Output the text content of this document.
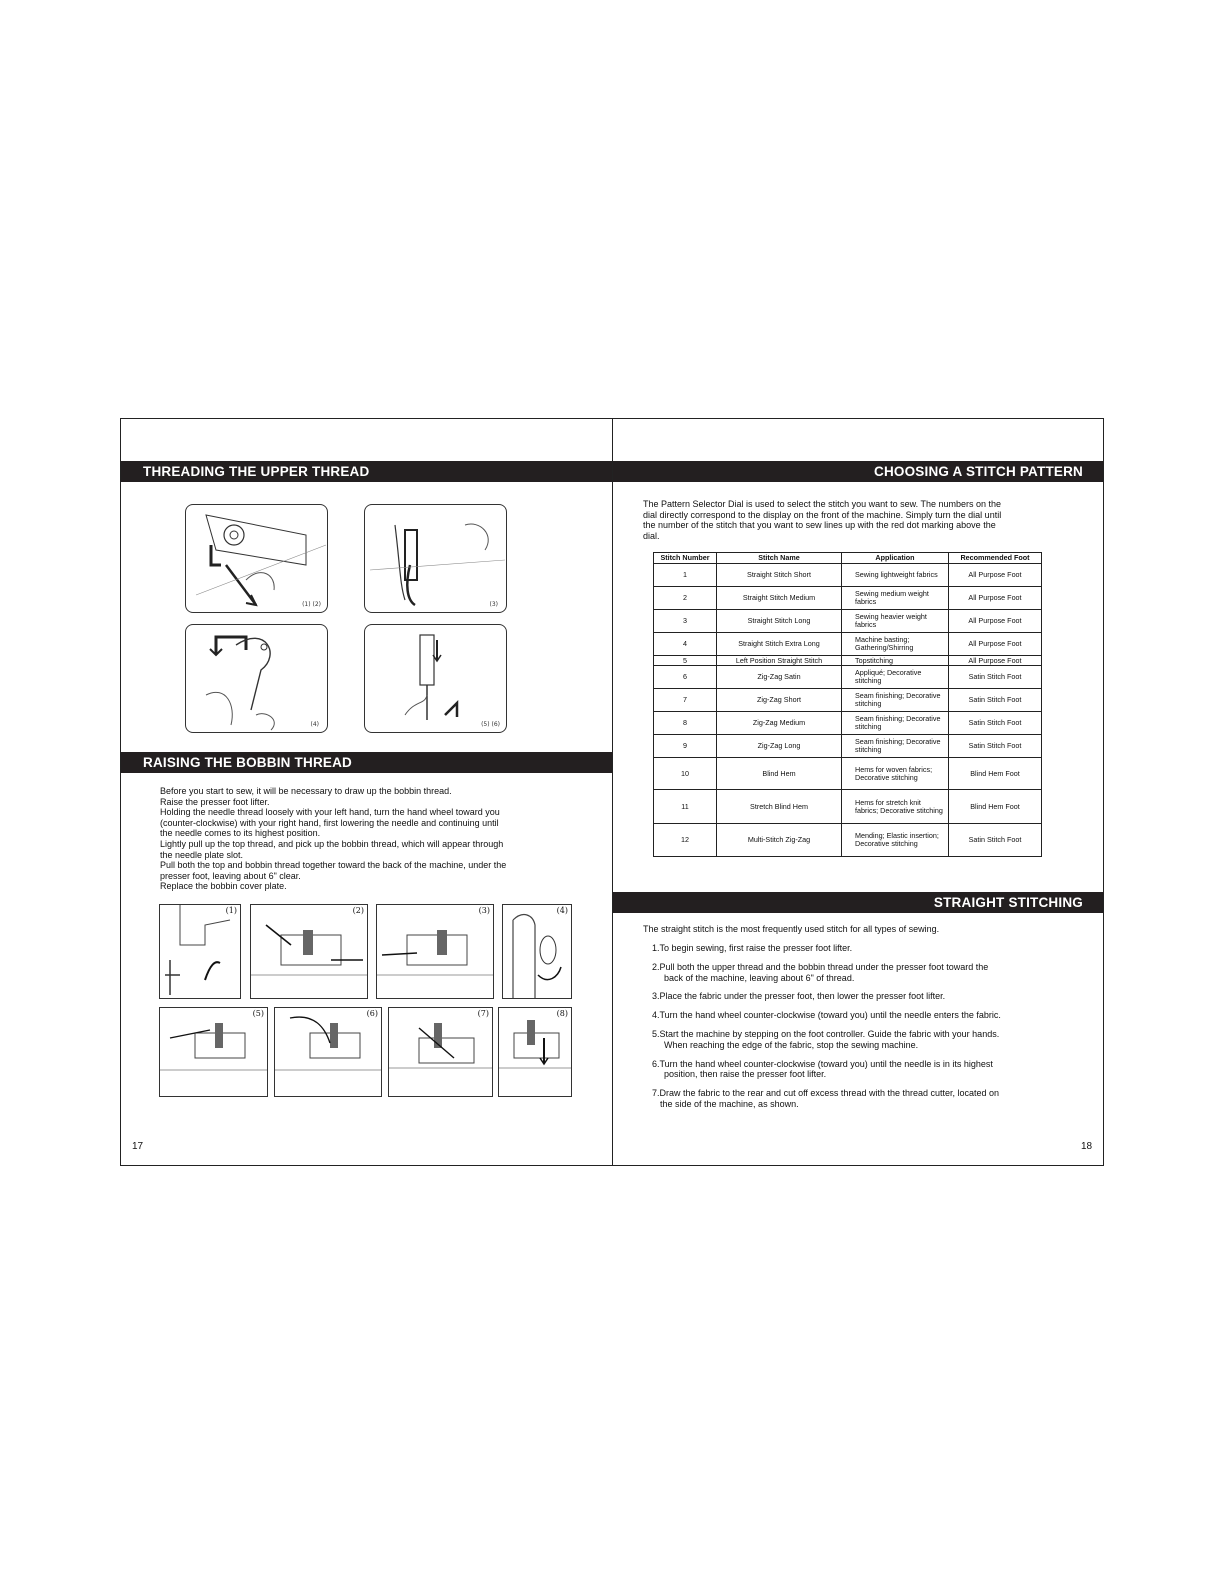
THREADING THE UPPER THREAD
(1) (2)	(3)
(4)	(5) (6)
RAISING THE BOBBIN THREAD

Before you start to sew, it will be necessary to draw up the bobbin thread.

Raise the presser foot lifter.

Holding the needle thread loosely with your left hand, turn the hand wheel toward you

(counter-clockwise) with your right hand, first lowering the needle and continuing until

the needle comes to its highest position.

Lightly pull up the top thread, and pick up the bobbin thread, which will appear through

the needle plate slot.

Pull both the top and bobbin thread together toward the back of the machine, under the

presser foot, leaving about 6" clear.

Replace the bobbin cover plate.

(1)	(2)	(3)	(4)
(5)	(6)	(7)	(8)
17
CHOOSING A STITCH PATTERN

The Pattern Selector Dial is used to select the stitch you want to sew. The numbers on the

dial directly correspond to the display on the front of the machine. Simply turn the dial until

the number of the stitch that you want to sew lines up with the red dot marking above the

dial.

Stitch Number	Stitch Name	Application	Recommended Foot
1	Straight Stitch Short	Sewing lightweight fabrics	All Purpose Foot
2	Straight Stitch Medium	Sewing medium weight fabrics	All Purpose Foot
3	Straight Stitch Long	Sewing heavier weight fabrics	All Purpose Foot
4	Straight Stitch Extra Long	Machine basting; Gathering/Shirring	All Purpose Foot
5	Left Position Straight Stitch	Topstitching	All Purpose Foot
6	Zig-Zag Satin	Appliqué; Decorative stitching	Satin Stitch Foot
7	Zig-Zag Short	Seam finishing; Decorative stitching	Satin Stitch Foot
8	Zig-Zag Medium	Seam finishing; Decorative stitching	Satin Stitch Foot
9	Zig-Zag Long	Seam finishing; Decorative stitching	Satin Stitch Foot
10	Blind Hem	Hems for woven fabrics; Decorative stitching	Blind Hem Foot
11	Stretch Blind Hem	Hems for stretch knit fabrics; Decorative stitching	Blind Hem Foot
12	Multi-Stitch Zig-Zag	Mending; Elastic insertion; Decorative stitching	Satin Stitch Foot
STRAIGHT STITCHING
The straight stitch is the most frequently used stitch for all types of sewing.
1.To begin sewing, first raise the presser foot lifter.
2.Pull both the upper thread and the bobbin thread under the presser foot toward the
back of the machine, leaving about 6" of thread.
3.Place the fabric under the presser foot, then lower the presser foot lifter.
4.Turn the hand wheel counter-clockwise (toward you) until the needle enters the fabric.
5.Start the machine by stepping on the foot controller. Guide the fabric with your hands.
When reaching the edge of the fabric, stop the sewing machine.
6.Turn the hand wheel counter-clockwise (toward you) until the needle is in its highest
position, then raise the presser foot lifter.
7.Draw the fabric to the rear and cut off excess thread with the thread cutter, located on
the side of the machine, as shown.
18
